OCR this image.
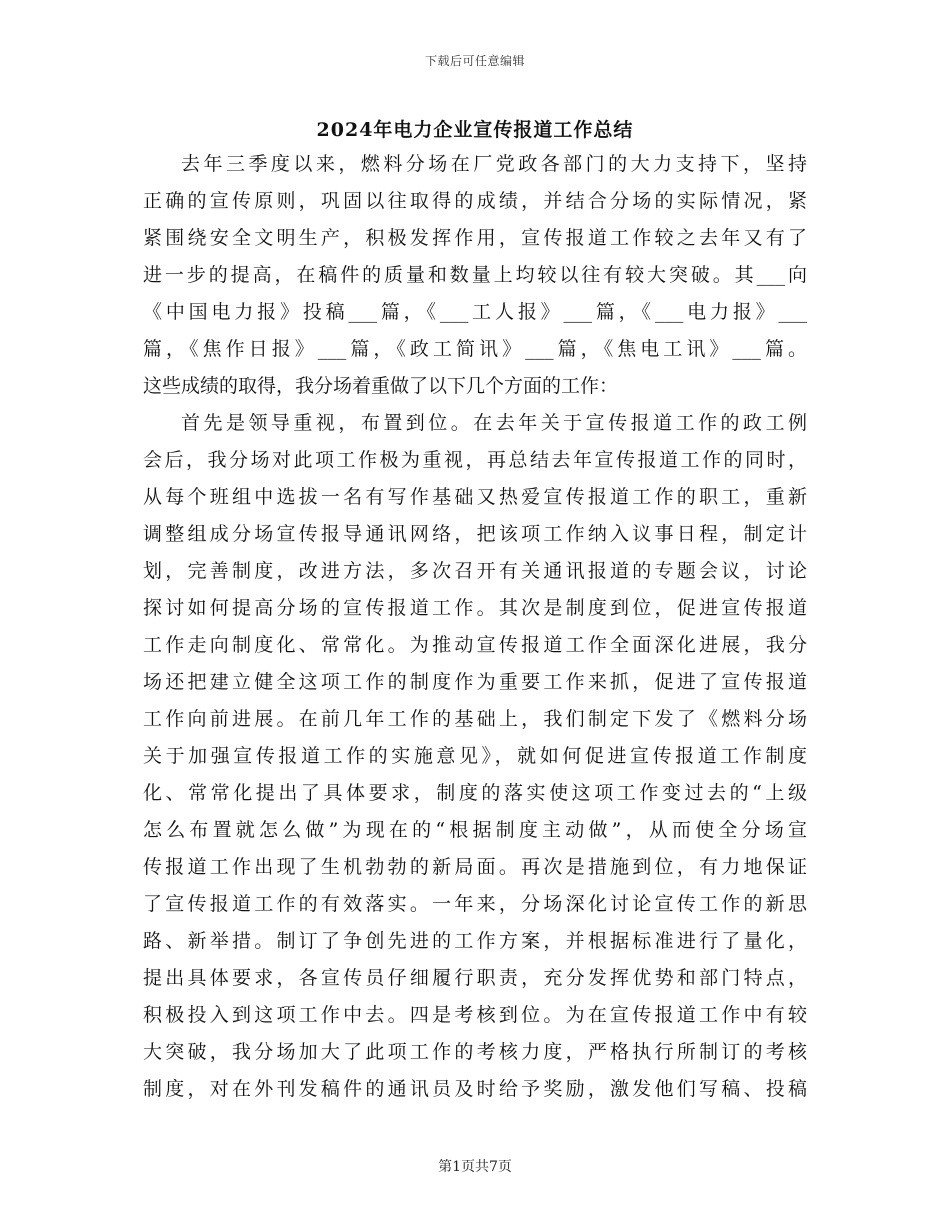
下载后可任意编辑
2024年电力企业宣传报道工作总结
去年三季度以来，燃料分场在厂党政各部门的大力支持下，坚持
正确的宣传原则，巩固以往取得的成绩，并结合分场的实际情况，紧
紧围绕安全文明生产，积极发挥作用，宣传报道工作较之去年又有了
进一步的提高，在稿件的质量和数量上均较以往有较大突破。其___向
《中国电力报》投稿___篇，《___工人报》___篇，《___电力报》___
篇，《焦作日报》___篇，《政工简讯》___篇，《焦电工讯》___篇。
这些成绩的取得，我分场着重做了以下几个方面的工作：
首先是领导重视，布置到位。在去年关于宣传报道工作的政工例
会后，我分场对此项工作极为重视，再总结去年宣传报道工作的同时，
从每个班组中选拔一名有写作基础又热爱宣传报道工作的职工，重新
调整组成分场宣传报导通讯网络，把该项工作纳入议事日程，制定计
划，完善制度，改进方法，多次召开有关通讯报道的专题会议，讨论
探讨如何提高分场的宣传报道工作。其次是制度到位，促进宣传报道
工作走向制度化、常常化。为推动宣传报道工作全面深化进展，我分
场还把建立健全这项工作的制度作为重要工作来抓，促进了宣传报道
工作向前进展。在前几年工作的基础上，我们制定下发了《燃料分场
关于加强宣传报道工作的实施意见》，就如何促进宣传报道工作制度
化、常常化提出了具体要求，制度的落实使这项工作变过去的“上级
怎么布置就怎么做”为现在的“根据制度主动做”，从而使全分场宣
传报道工作出现了生机勃勃的新局面。再次是措施到位，有力地保证
了宣传报道工作的有效落实。一年来，分场深化讨论宣传工作的新思
路、新举措。制订了争创先进的工作方案，并根据标准进行了量化，
提出具体要求，各宣传员仔细履行职责，充分发挥优势和部门特点，
积极投入到这项工作中去。四是考核到位。为在宣传报道工作中有较
大突破，我分场加大了此项工作的考核力度，严格执行所制订的考核
制度，对在外刊发稿件的通讯员及时给予奖励，激发他们写稿、投稿
第1页共7页
